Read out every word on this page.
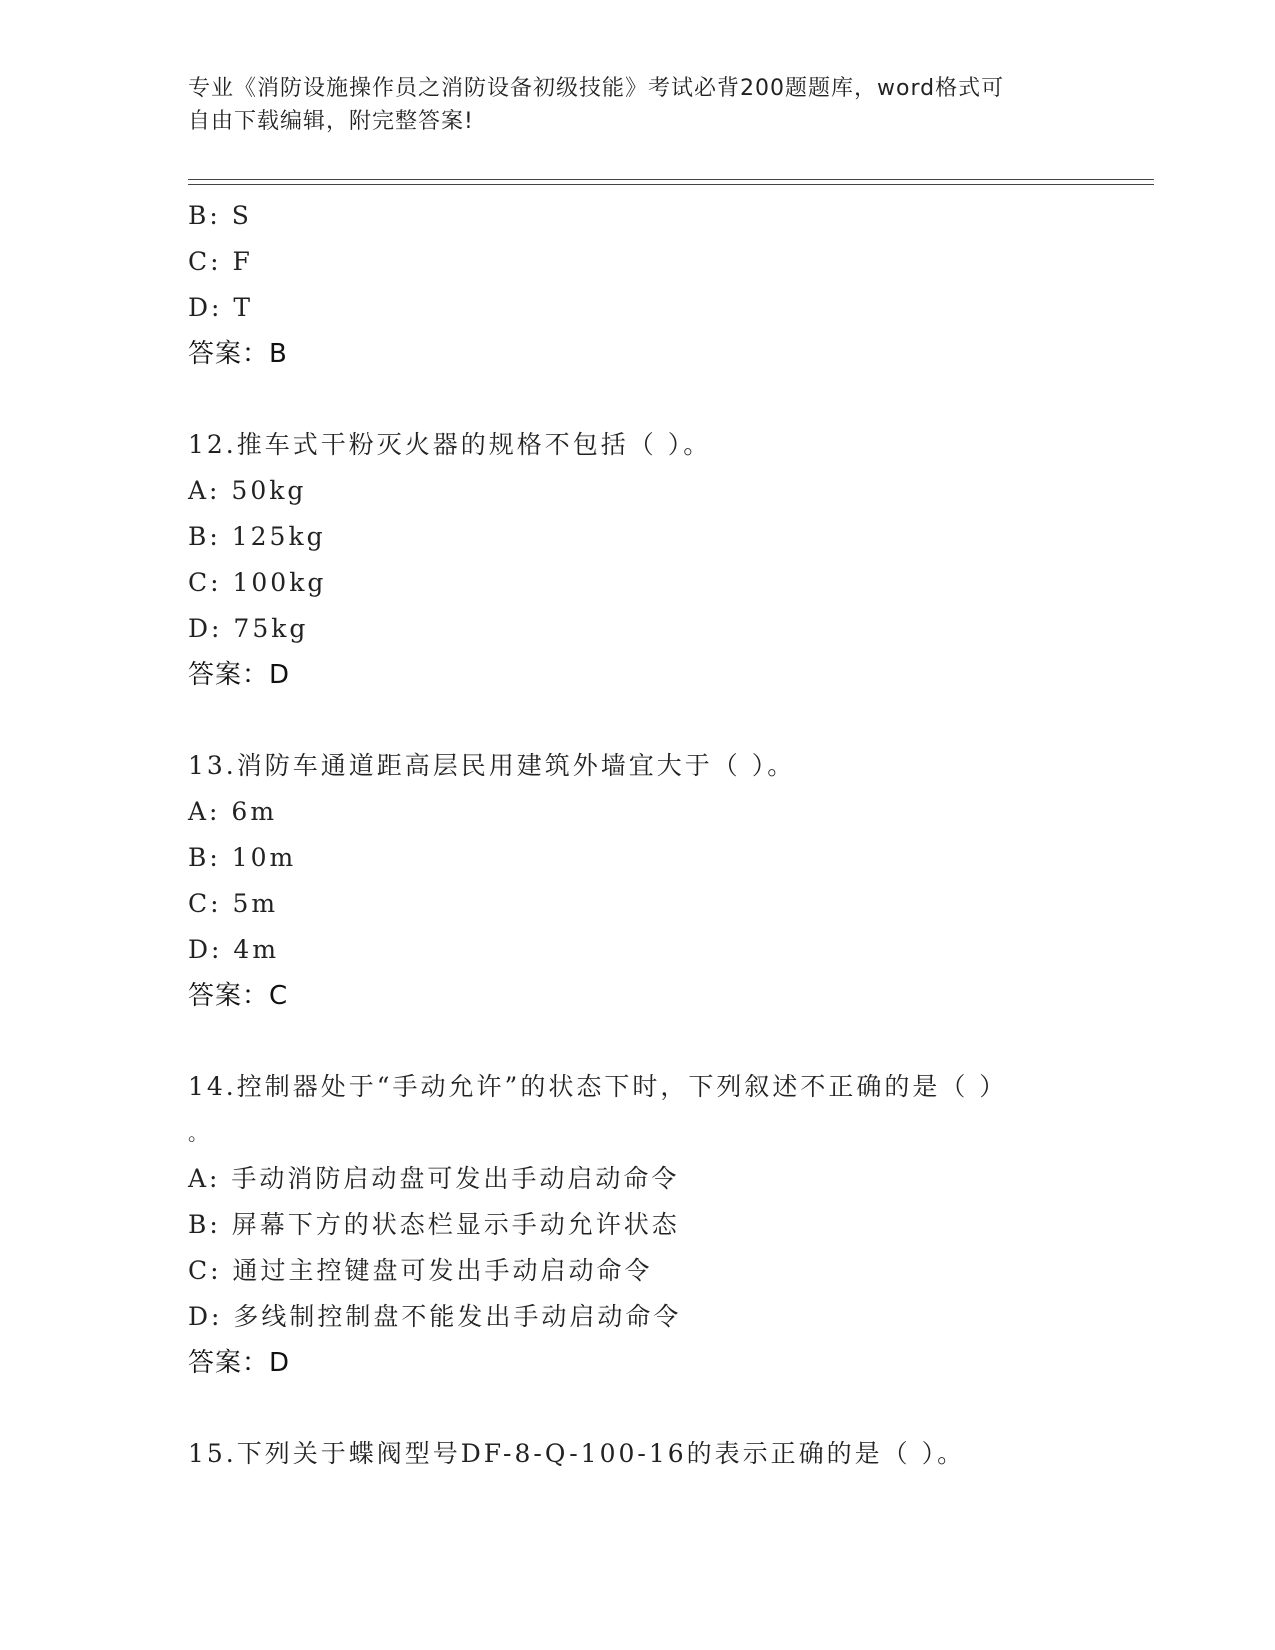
专业《消防设施操作员之消防设备初级技能》考试必背200题题库，word格式可
自由下载编辑，附完整答案!
B: S
C: F
D: T
答案：B
12.推车式干粉灭火器的规格不包括（ ）。
A: 50kg
B: 125kg
C: 100kg
D: 75kg
答案：D
13.消防车通道距高层民用建筑外墙宜大于（ ）。
A: 6m
B: 10m
C: 5m
D: 4m
答案：C
14.控制器处于“手动允许”的状态下时，下列叙述不正确的是（ ）
。
A: 手动消防启动盘可发出手动启动命令
B: 屏幕下方的状态栏显示手动允许状态
C: 通过主控键盘可发出手动启动命令
D: 多线制控制盘不能发出手动启动命令
答案：D
15.下列关于蝶阀型号DF-8-Q-100-16的表示正确的是（ ）。
